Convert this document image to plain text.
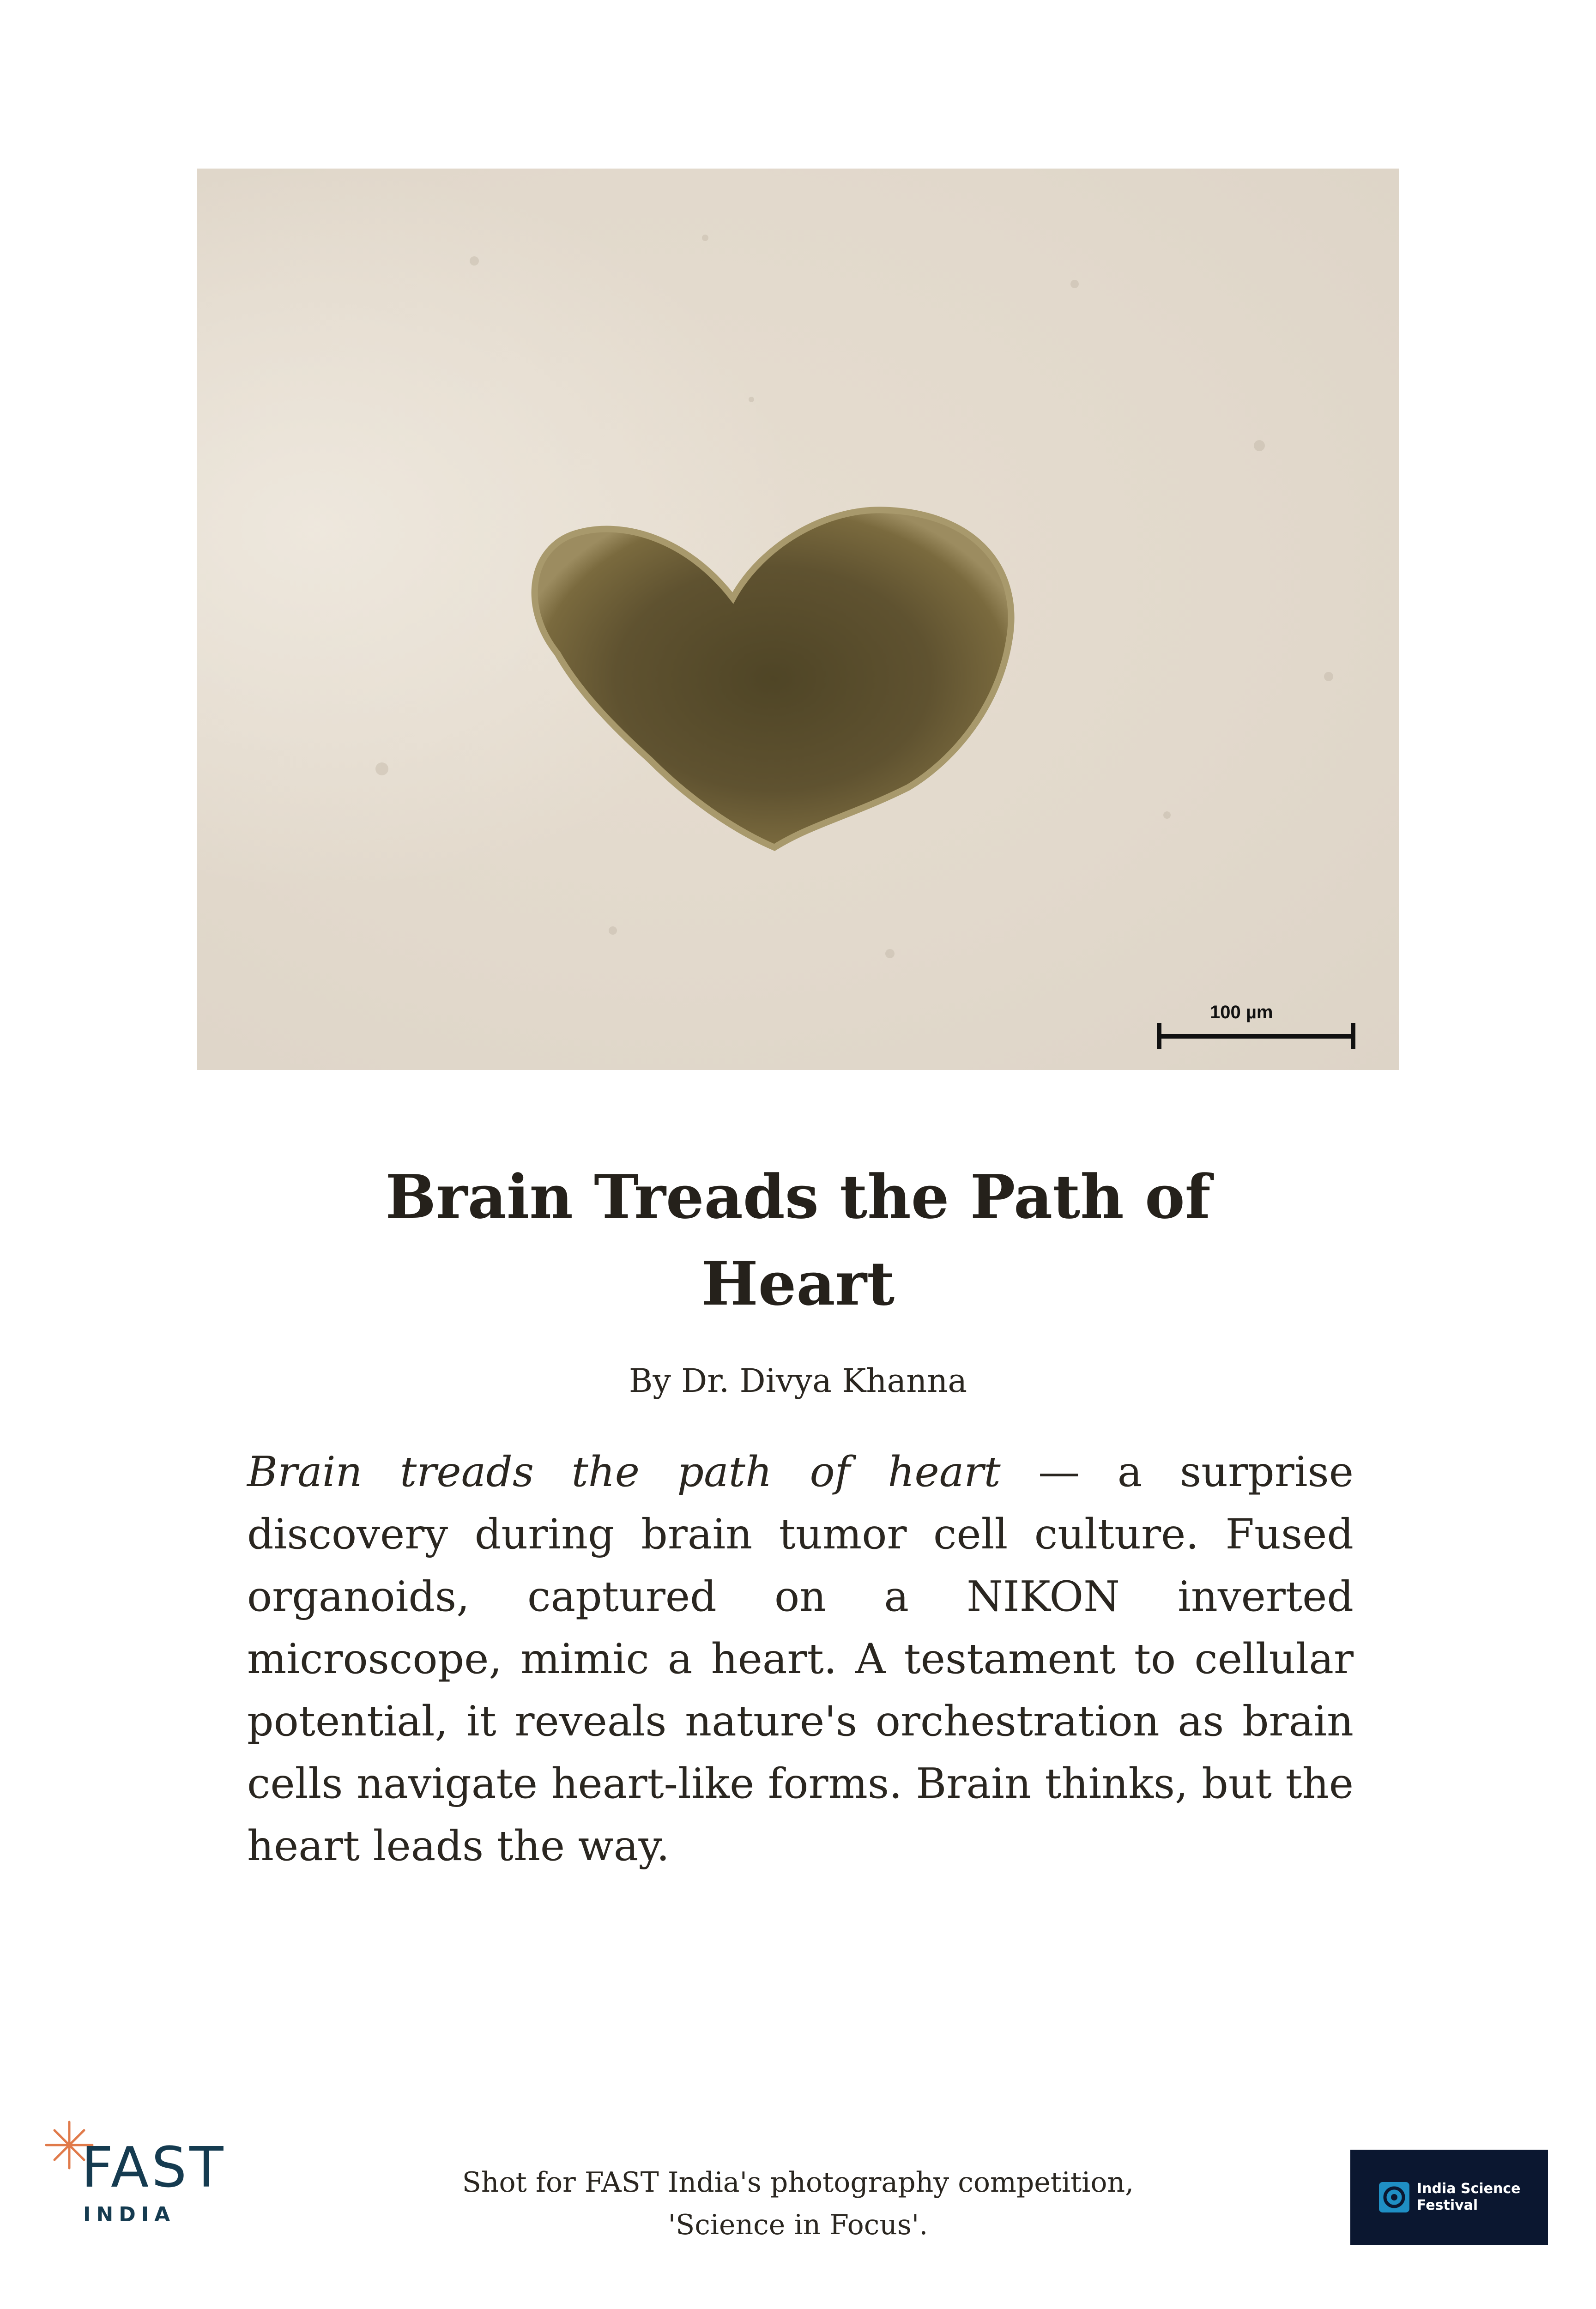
100 µm
Brain Treads the Path of
Heart
By Dr. Divya Khanna
Brain treads the path of heart — a surprise discovery during brain tumor cell culture. Fused organoids, captured on a NIKON inverted microscope, mimic a heart. A testament to cellular potential, it reveals nature's orchestration as brain cells navigate heart-like forms. Brain thinks, but the heart leads the way.
FAST
INDIA
Shot for FAST India's photography competition,
'Science in Focus'.
India Science
Festival
